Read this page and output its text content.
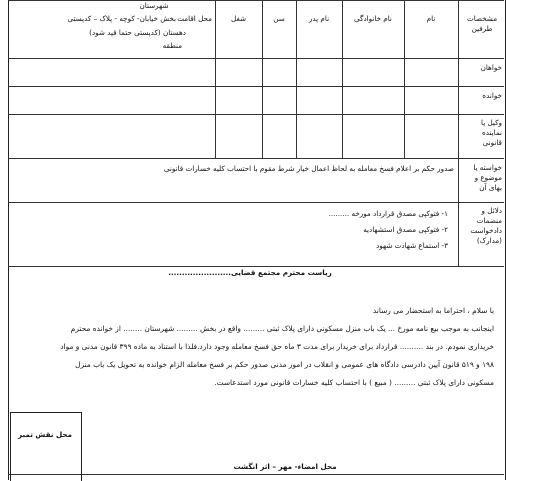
مشخصات طرفین
نام
نام خانوادگی
نام پدر
سن
شغل
محل اقامت
شهرستان
بخش خیابان- کوچه - پلاک – کدپستی
دهستان (کدپستی حتما قید شود)
منطقه
خواهان
خوانده
وکیل یا نماینده قانونی
خواسته یا موضوع و بهای آن
صدور حکم بر اعلام فسخ معامله به لحاظ اعمال خیار شرط مقوم با احتساب کلیه خسارات قانونی
دلائل و منضمات دادخواست (مدارک)
۱- فتوکپی مصدق قرارداد مورخه .........
۲- فتوکپی مصدق استشهادیه
۳- استماع شهادت شهود
ریاست محترم مجتمع قضایی.......................
با سلام ، احتراما به استحضار می رساند
اینجانب به موجب بیع نامه مورخ ... یک باب منزل مسکونی دارای پلاک ثبتی ......... واقع در بخش ......... شهرستان ........ از خوانده محترم
خریداری نمودم. در بند .......... قرارداد برای خریدار برای مدت ۳ ماه حق فسخ معامله وجود دارد.فلذا با استناد به ماده ۳۹۹ قانون مدنی و مواد
۱۹۸ و ۵۱۹ قانون آیین دادرسی دادگاه های عمومی و انقلاب در امور مدنی صدور حکم بر فسخ معامله الزام خوانده به تحویل یک باب منزل
مسکونی دارای پلاک ثبتی ......... ( مبیع ) با احتساب کلیه خسارات قانونی مورد استدعاست.
محل امضاء- مهر – اثر انگشت
محل نقش تمبر
